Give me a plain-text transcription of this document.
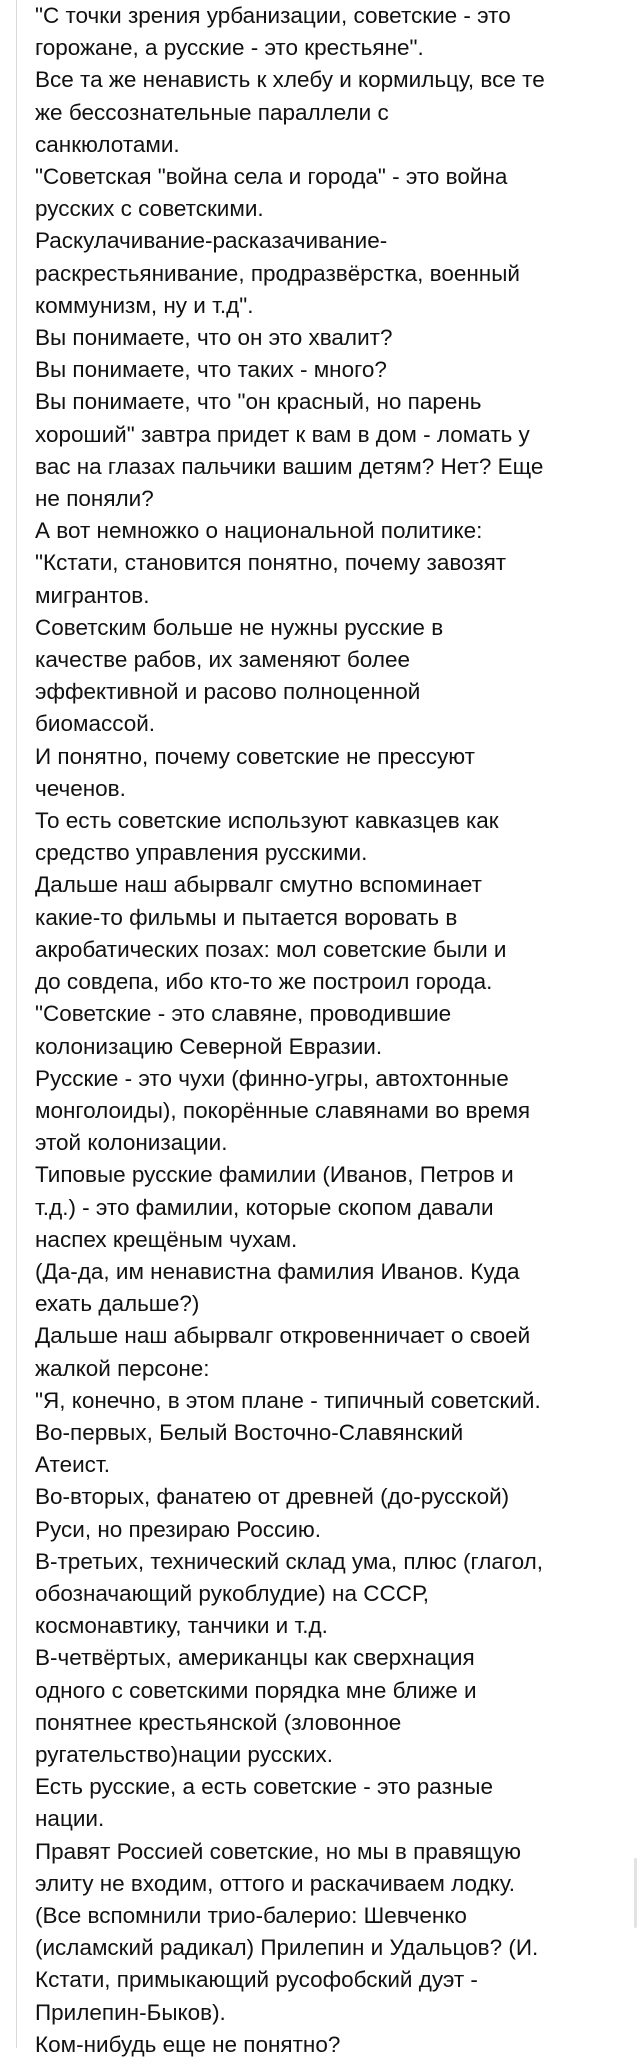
"С точки зрения урбанизации, советские - это
горожане, а русские - это крестьяне".
Все та же ненависть к хлебу и кормильцу, все те
же бессознательные параллели с
санкюлотами.
"Советская "война села и города" - это война
русских с советскими.
Раскулачивание-расказачивание-
раскрестьянивание, продразвёрстка, военный
коммунизм, ну и т.д".
Вы понимаете, что он это хвалит?
Вы понимаете, что таких - много?
Вы понимаете, что "он красный, но парень
хороший" завтра придет к вам в дом - ломать у
вас на глазах пальчики вашим детям? Нет? Еще
не поняли?
А вот немножко о национальной политике:
"Кстати, становится понятно, почему завозят
мигрантов.
Советским больше не нужны русские в
качестве рабов, их заменяют более
эффективной и расово полноценной
биомассой.
И понятно, почему советские не прессуют
чеченов.
То есть советские используют кавказцев как
средство управления русскими.
Дальше наш абырвалг смутно вспоминает
какие-то фильмы и пытается воровать в
акробатических позах: мол советские были и
до совдепа, ибо кто-то же построил города.
"Советские - это славяне, проводившие
колонизацию Северной Евразии.
Русские - это чухи (финно-угры, автохтонные
монголоиды), покорённые славянами во время
этой колонизации.
Типовые русские фамилии (Иванов, Петров и
т.д.) - это фамилии, которые скопом давали
наспех крещёным чухам.
(Да-да, им ненавистна фамилия Иванов. Куда
ехать дальше?)
Дальше наш абырвалг откровенничает о своей
жалкой персоне:
"Я, конечно, в этом плане - типичный советский.
Во-первых, Белый Восточно-Славянский
Атеист.
Во-вторых, фанатею от древней (до-русской)
Руси, но презираю Россию.
В-третьих, технический склад ума, плюс (глагол,
обозначающий рукоблудие) на СССР,
космонавтику, танчики и т.д.
В-четвёртых, американцы как сверхнация
одного с советскими порядка мне ближе и
понятнее крестьянской (зловонное
ругательство)нации русских.
Есть русские, а есть советские - это разные
нации.
Правят Россией советские, но мы в правящую
элиту не входим, оттого и раскачиваем лодку.
(Все вспомнили трио-балерио: Шевченко
(исламский радикал) Прилепин и Удальцов? (И.
Кстати, примыкающий русофобский дуэт -
Прилепин-Быков).
Ком-нибудь еще не понятно?
